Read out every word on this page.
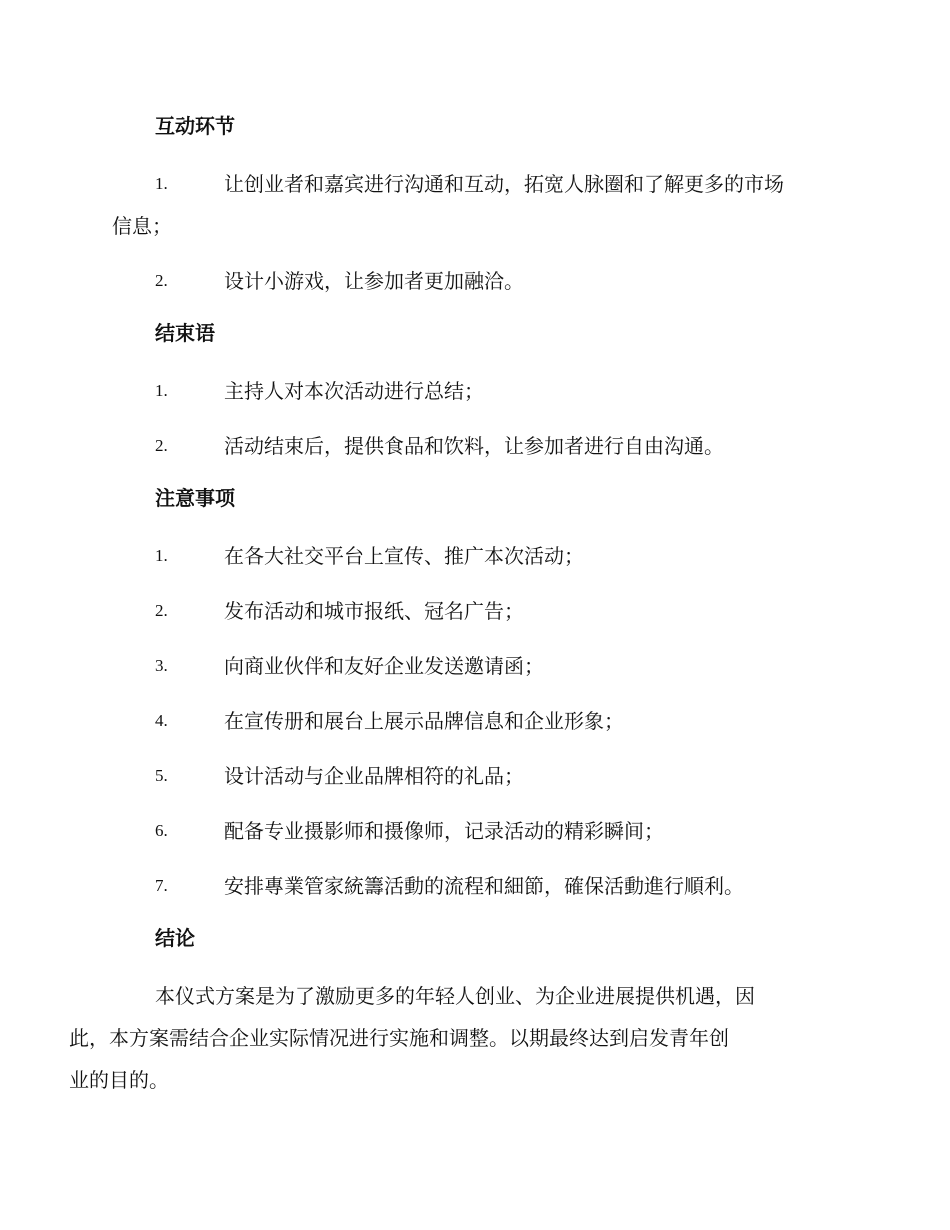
互动环节
1.	让创业者和嘉宾进行沟通和互动，拓宽人脉圈和了解更多的市场
信息；
2.	设计小游戏，让参加者更加融洽。
结束语
1.	主持人对本次活动进行总结；
2.	活动结束后，提供食品和饮料，让参加者进行自由沟通。
注意事项
1.	在各大社交平台上宣传、推广本次活动；
2.	发布活动和城市报纸、冠名广告；
3.	向商业伙伴和友好企业发送邀请函；
4.	在宣传册和展台上展示品牌信息和企业形象；
5.	设计活动与企业品牌相符的礼品；
6.	配备专业摄影师和摄像师，记录活动的精彩瞬间；
7.	安排專業管家統籌活動的流程和細節，確保活動進行順利。
结论
本仪式方案是为了激励更多的年轻人创业、为企业进展提供机遇，因
此，本方案需结合企业实际情况进行实施和调整。以期最终达到启发青年创
业的目的。
